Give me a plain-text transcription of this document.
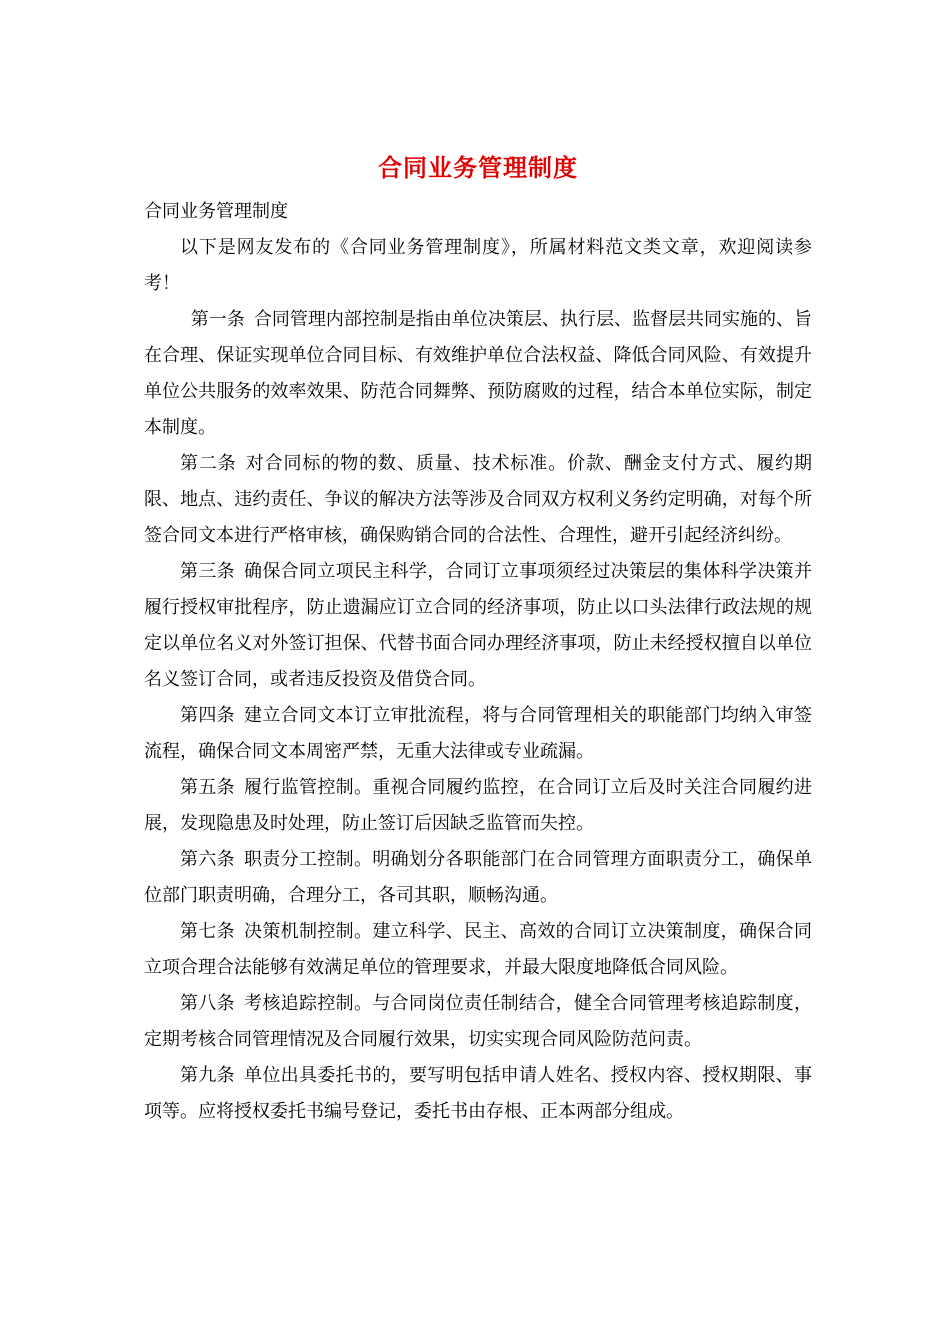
合同业务管理制度

合同业务管理制度

以下是网友发布的《合同业务管理制度》，所属材料范文类文章，欢迎阅读参考！

第一条 合同管理内部控制是指由单位决策层、执行层、监督层共同实施的、旨在合理、保证实现单位合同目标、有效维护单位合法权益、降低合同风险、有效提升单位公共服务的效率效果、防范合同舞弊、预防腐败的过程，结合本单位实际，制定本制度。

第二条 对合同标的物的数、质量、技术标准。价款、酬金支付方式、履约期限、地点、违约责任、争议的解决方法等涉及合同双方权利义务约定明确，对每个所签合同文本进行严格审核，确保购销合同的合法性、合理性，避开引起经济纠纷。

第三条 确保合同立项民主科学，合同订立事项须经过决策层的集体科学决策并履行授权审批程序，防止遗漏应订立合同的经济事项，防止以口头法律行政法规的规定以单位名义对外签订担保、代替书面合同办理经济事项，防止未经授权擅自以单位名义签订合同，或者违反投资及借贷合同。

第四条 建立合同文本订立审批流程，将与合同管理相关的职能部门均纳入审签流程，确保合同文本周密严禁，无重大法律或专业疏漏。

第五条 履行监管控制。重视合同履约监控，在合同订立后及时关注合同履约进展，发现隐患及时处理，防止签订后因缺乏监管而失控。

第六条 职责分工控制。明确划分各职能部门在合同管理方面职责分工，确保单位部门职责明确，合理分工，各司其职，顺畅沟通。

第七条 决策机制控制。建立科学、民主、高效的合同订立决策制度，确保合同立项合理合法能够有效满足单位的管理要求，并最大限度地降低合同风险。

第八条 考核追踪控制。与合同岗位责任制结合，健全合同管理考核追踪制度，定期考核合同管理情况及合同履行效果，切实实现合同风险防范问责。

第九条 单位出具委托书的，要写明包括申请人姓名、授权内容、授权期限、事项等。应将授权委托书编号登记，委托书由存根、正本两部分组成。
